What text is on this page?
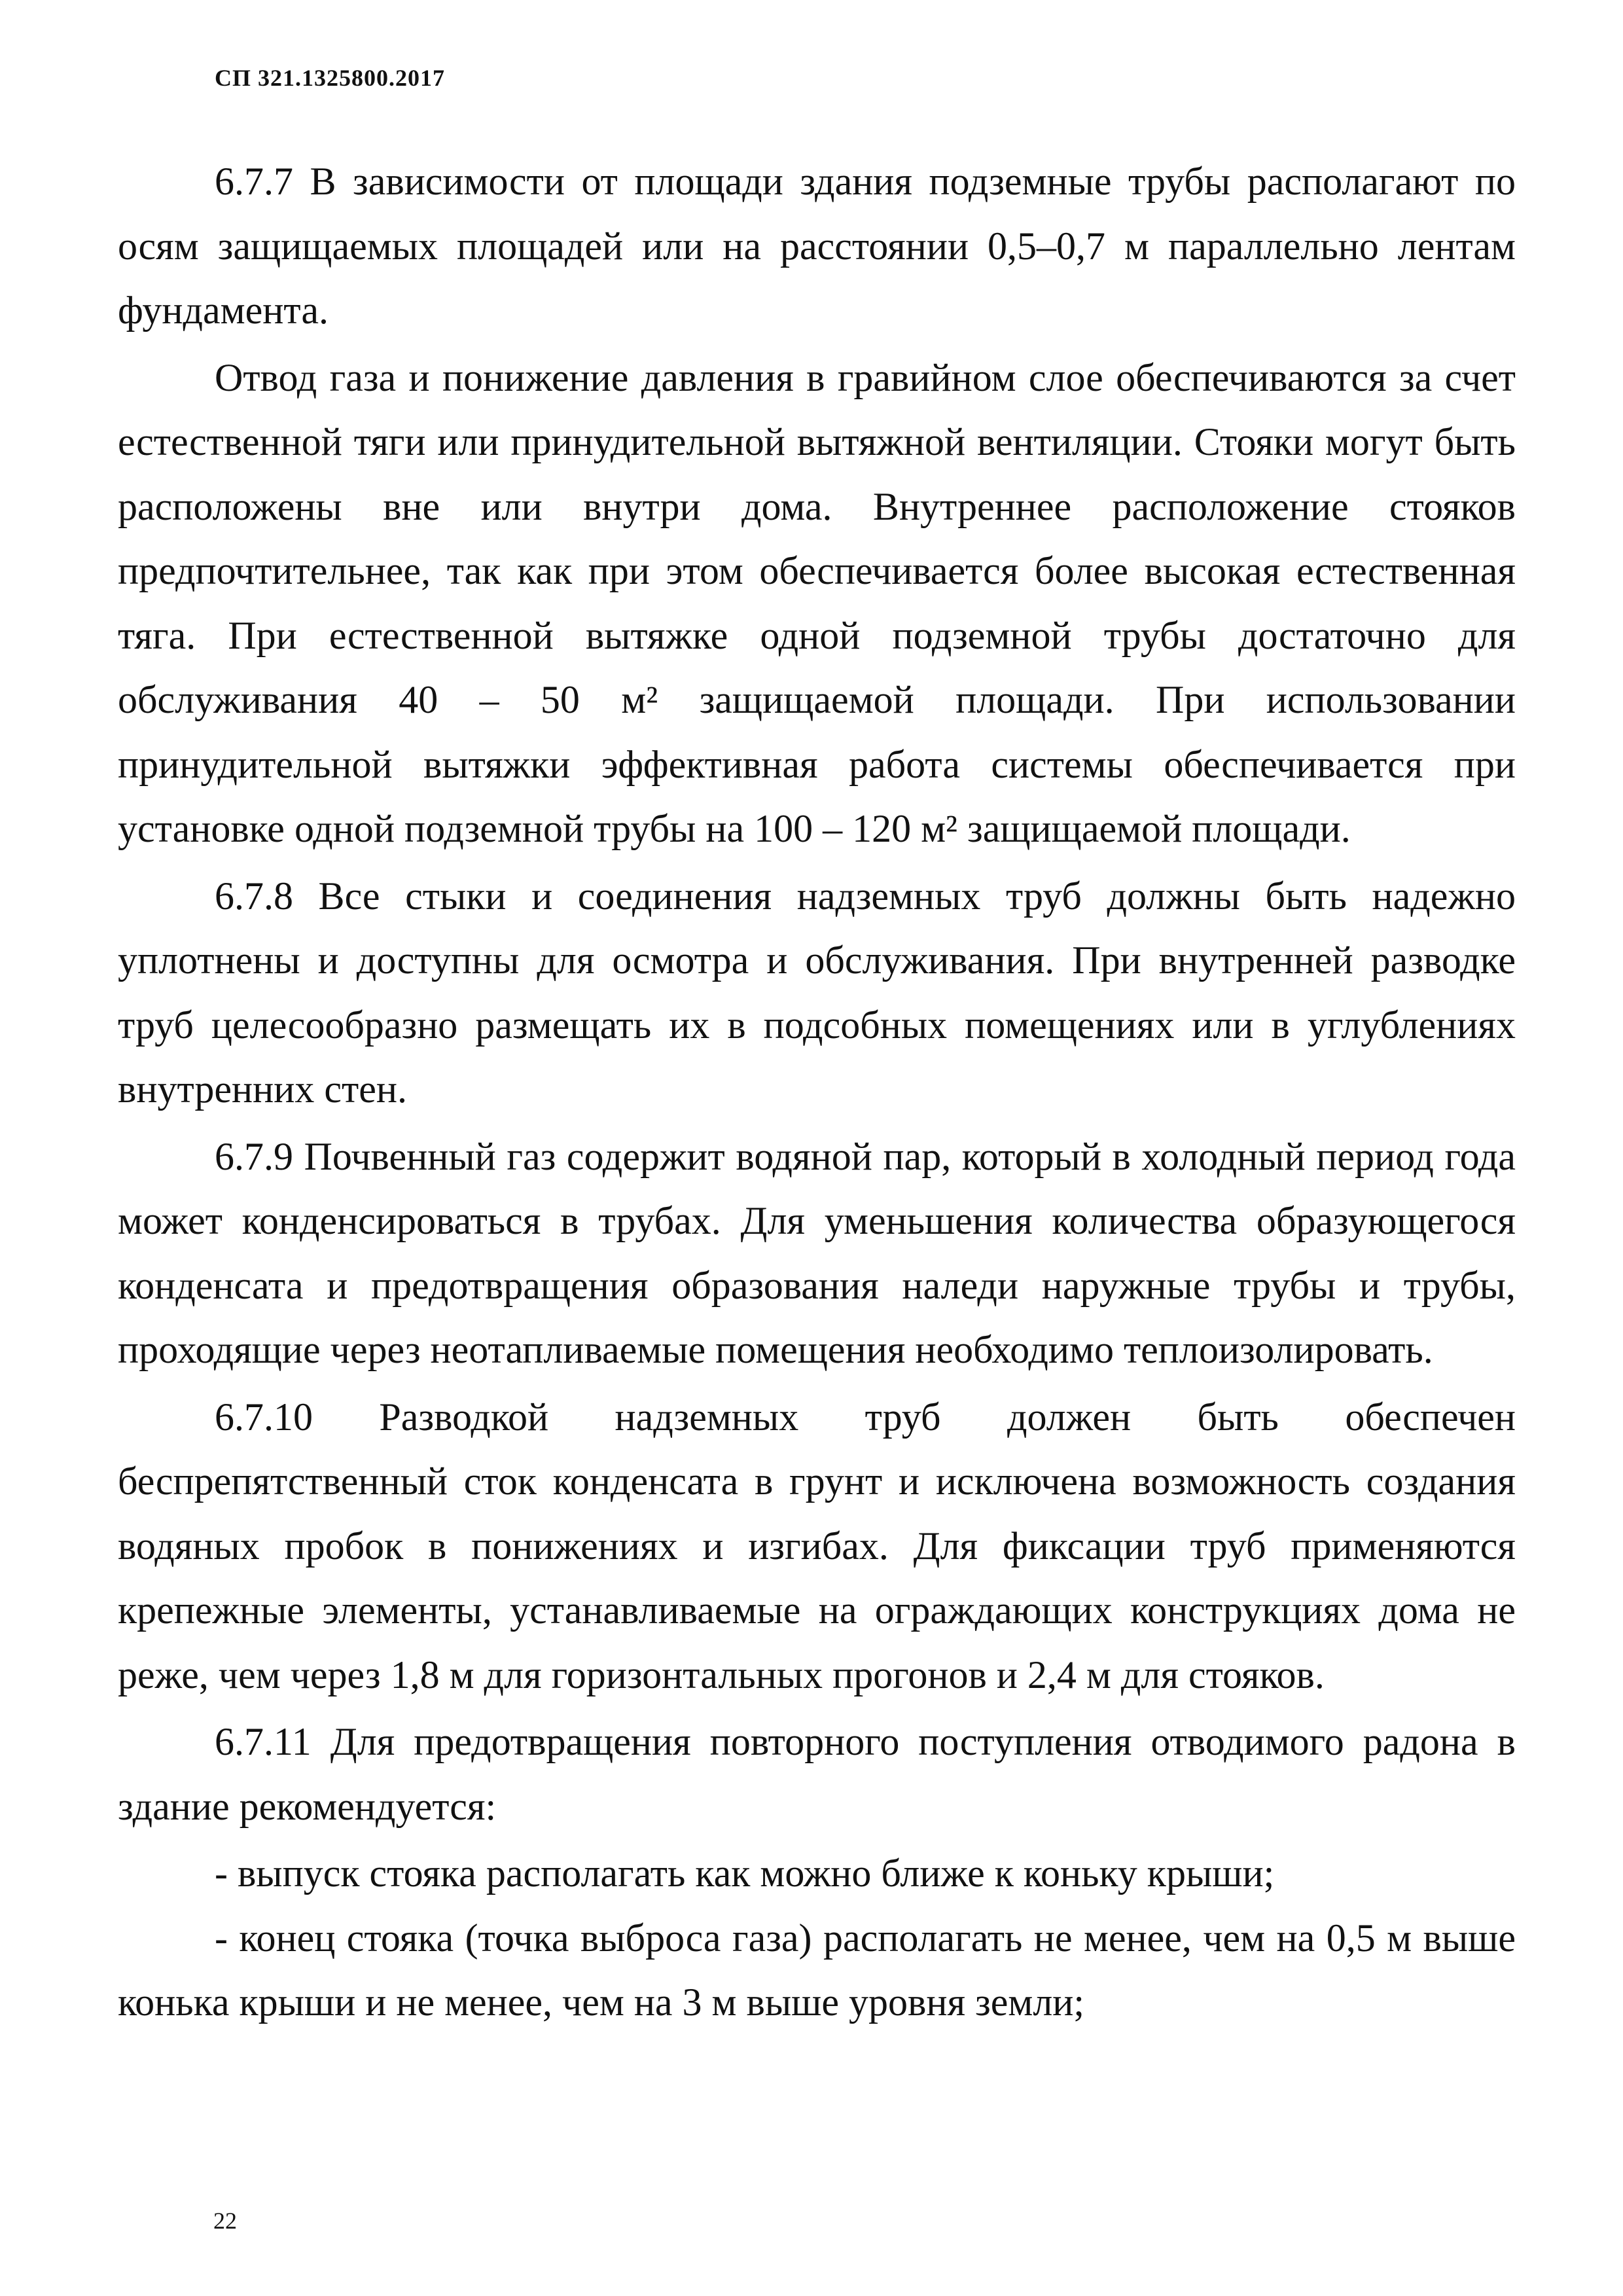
СП 321.1325800.2017

6.7.7 В зависимости от площади здания подземные трубы располагают по осям защищаемых площадей или на расстоянии 0,5–0,7 м параллельно лентам фундамента.

Отвод газа и понижение давления в гравийном слое обеспечиваются за счет естественной тяги или принудительной вытяжной вентиляции. Стояки могут быть расположены вне или внутри дома. Внутреннее расположение стояков предпочтительнее, так как при этом обеспечивается более высокая естественная тяга. При естественной вытяжке одной подземной трубы достаточно для обслуживания 40 – 50 м² защищаемой площади. При использовании принудительной вытяжки эффективная работа системы обеспечивается при установке одной подземной трубы на 100 – 120 м² защищаемой площади.

6.7.8 Все стыки и соединения надземных труб должны быть надежно уплотнены и доступны для осмотра и обслуживания. При внутренней разводке труб целесообразно размещать их в подсобных помещениях или в углублениях внутренних стен.

6.7.9 Почвенный газ содержит водяной пар, который в холодный период года может конденсироваться в трубах. Для уменьшения количества образующегося конденсата и предотвращения образования наледи наружные трубы и трубы, проходящие через неотапливаемые помещения необходимо теплоизолировать.

6.7.10 Разводкой надземных труб должен быть обеспечен беспрепятственный сток конденсата в грунт и исключена возможность создания водяных пробок в понижениях и изгибах. Для фиксации труб применяются крепежные элементы, устанавливаемые на ограждающих конструкциях дома не реже, чем через 1,8 м для горизонтальных прогонов и 2,4 м для стояков.

6.7.11 Для предотвращения повторного поступления отводимого радона в здание рекомендуется:

- выпуск стояка располагать как можно ближе к коньку крыши;

- конец стояка (точка выброса газа) располагать не менее, чем на 0,5 м выше конька крыши и не менее, чем на 3 м выше уровня земли;

22
